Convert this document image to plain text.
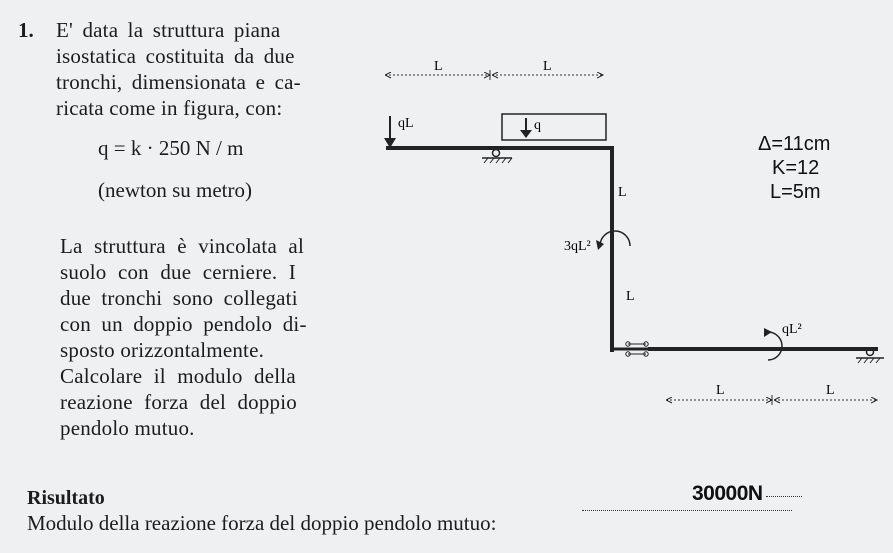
1. E' data la struttura piana
isostatica costituita da due
tronchi, dimensionata e ca-
ricata come in figura, con:
q = k · 250 N / m
(newton su metro)
La struttura è vincolata al
suolo con due cerniere. I
due tronchi sono collegati
con un doppio pendolo di-
sposto orizzontalmente.
Calcolare il modulo della
reazione forza del doppio
pendolo mutuo.
L	L
qL	q
L
L
3qL²
qL²
L	L
Δ=11cm
K=12
L=5m
Risultato
Modulo della reazione forza del doppio pendolo mutuo:
30000N
